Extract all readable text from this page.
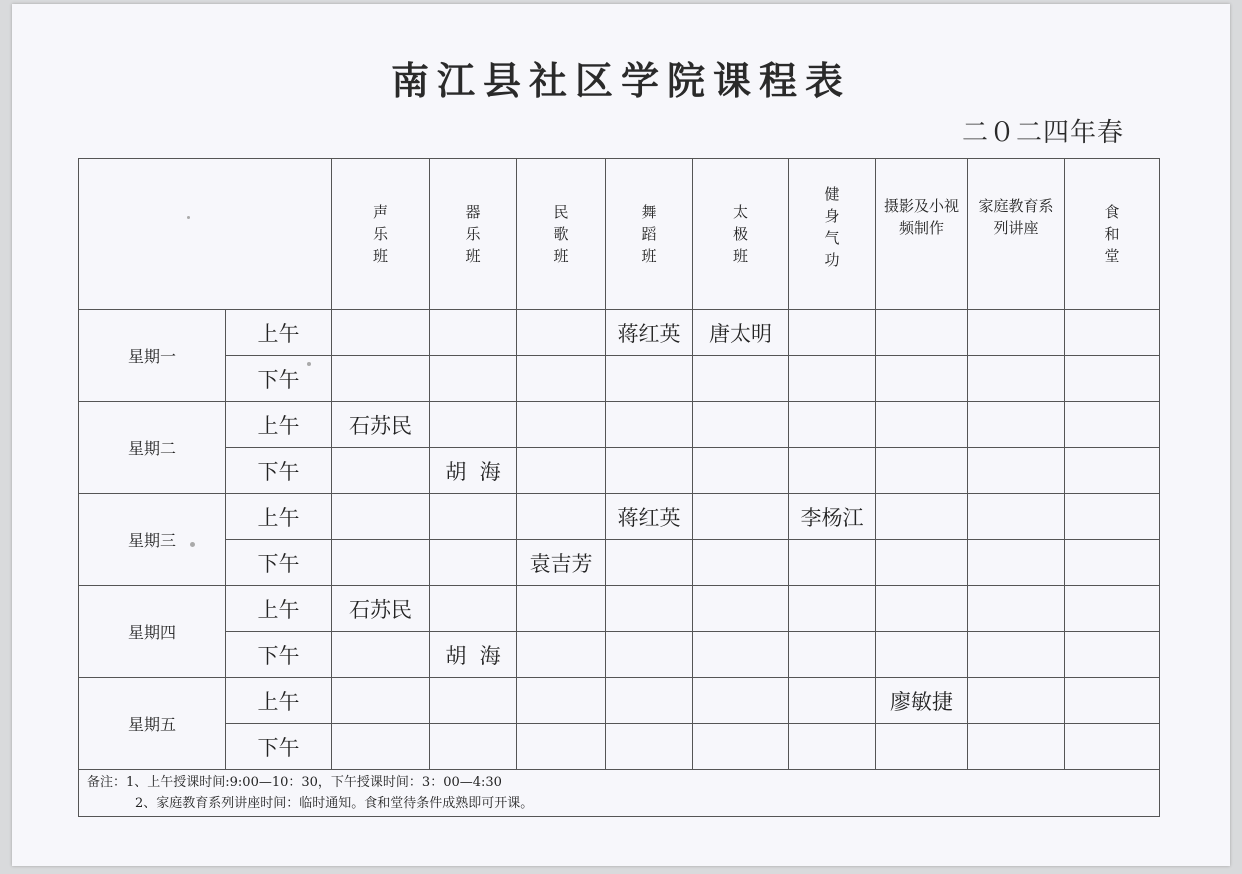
南江县社区学院课程表
二０二四年春
		声乐班	器乐班	民歌班	舞蹈班	太极班	健身气功	摄影及小视频制作	家庭教育系列讲座	食和堂
星期一	上午				蒋红英	唐太明				
	下午									
星期二	上午	石苏民								
	下午		胡  海							
星期三	上午				蒋红英		李杨江			
	下午			袁吉芳						
星期四	上午	石苏民								
	下午		胡  海							
星期五	上午							廖敏捷		
	下午									

备注：1、上午授课时间:9:00—10：30，下午授课时间：3：00—4:30
2、家庭教育系列讲座时间：临时通知。食和堂待条件成熟即可开课。										
